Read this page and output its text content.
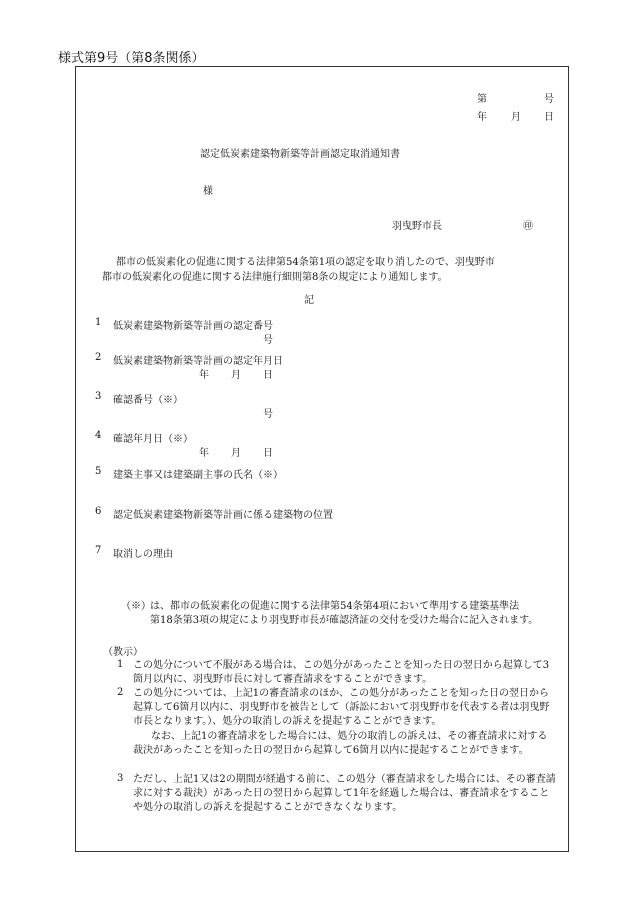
様式第9号（第8条関係）
第	号
年 月 日
認定低炭素建築物新築等計画認定取消通知書
様
羽曳野市長	㊞
都市の低炭素化の促進に関する法律第54条第1項の認定を取り消したので、羽曳野市
都市の低炭素化の促進に関する法律施行細則第8条の規定により通知します。
記
1 低炭素建築物新築等計画の認定番号
号
2 低炭素建築物新築等計画の認定年月日
年 月 日
3 確認番号（※）
号
4 確認年月日（※）
年 月 日
5 建築主事又は建築副主事の氏名（※）
6 認定低炭素建築物新築等計画に係る建築物の位置
7 取消しの理由
（※） は、都市の低炭素化の促進に関する法律第54条第4項において準用する建築基準法
第18条第3項の規定により羽曳野市長が確認済証の交付を受けた場合に記入されます。
（教示）
1 この処分について不服がある場合は、この処分があったことを知った日の翌日から起算して3箇月以内に、羽曳野市長に対して審査請求をすることができます。
2 この処分については、上記1の審査請求のほか、この処分があったことを知った日の翌日から起算して6箇月以内に、羽曳野市を被告として（訴訟において羽曳野市を代表する者は羽曳野市長となります。）、処分の取消しの訴えを提起することができます。
なお、上記1の審査請求をした場合には、処分の取消しの訴えは、その審査請求に対する裁決があったことを知った日の翌日から起算して6箇月以内に提起することができます。
3 ただし、上記1又は2の期間が経過する前に、この処分（審査請求をした場合には、その審査請求に対する裁決）があった日の翌日から起算して1年を経過した場合は、審査請求をすることや処分の取消しの訴えを提起することができなくなります。
